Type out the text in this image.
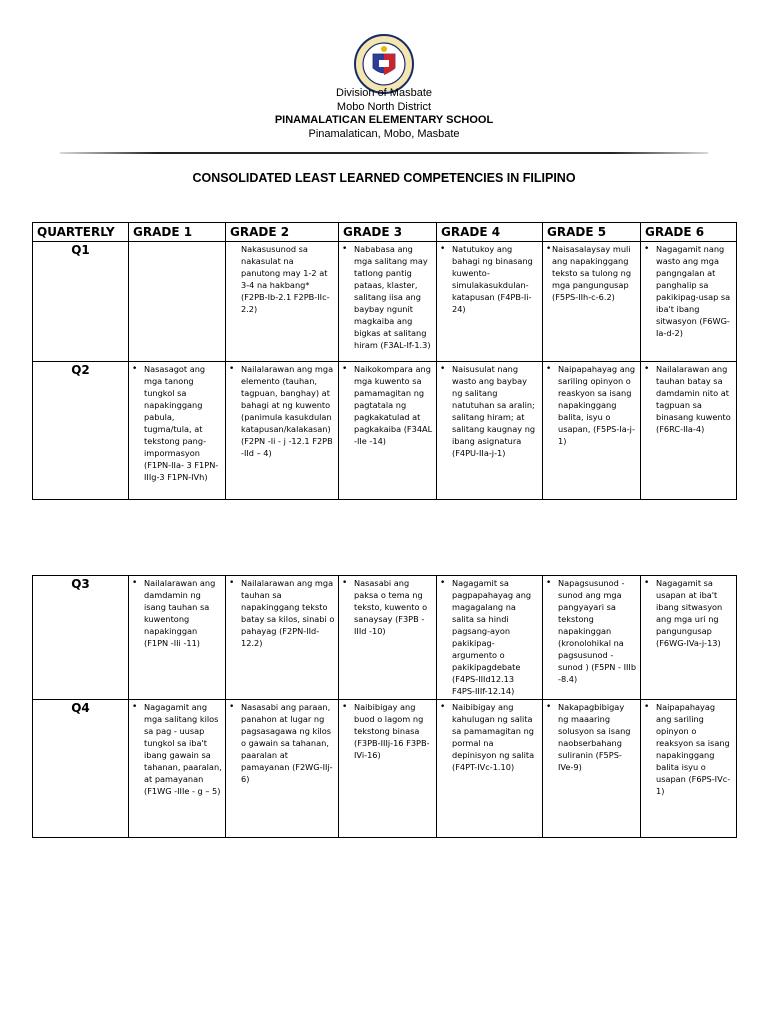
Division of Masbate
Mobo North District
PINAMALATICAN ELEMENTARY SCHOOL
Pinamalatican, Mobo, Masbate
CONSOLIDATED LEAST LEARNED COMPETENCIES IN FILIPINO
QUARTERLY	GRADE 1	GRADE 2	GRADE 3	GRADE 4	GRADE 5	GRADE 6
Q1		Nakasusunod sa nakasulat na panutong may 1-2 at 3-4 na hakbang* (F2PB-Ib-2.1 F2PB-IIc-2.2)	• Nababasa ang mga salitang may tatlong pantig pataas, klaster, salitang iisa ang baybay ngunit magkaiba ang bigkas at salitang hiram (F3AL-If-1.3)	• Natutukoy ang bahagi ng binasang kuwento-simulakasukdulan-katapusan (F4PB-Ii-24)	• Naisasalaysay muli ang napakinggang teksto sa tulong ng mga pangungusap (F5PS-IIh-c-6.2)	• Nagagamit nang wasto ang mga pangngalan at panghalip sa pakikipag-usap sa iba't ibang sitwasyon (F6WG-Ia-d-2)

Q2	• Nasasagot ang mga tanong tungkol sa napakinggang pabula, tugma/tula, at tekstong pang-impormasyon (F1PN-IIa- 3 F1PN-IIIg-3 F1PN-IVh)	• Nailalarawan ang mga elemento (tauhan, tagpuan, banghay) at bahagi at ng kuwento (panimula kasukdulan katapusan/kalakasan) (F2PN -Ii - j -12.1 F2PB -IId – 4)	• Naikokompara ang mga kuwento sa pamamagitan ng pagtatala ng pagkakatulad at pagkakaiba (F34AL -IIe -14)	• Naisusulat nang wasto ang baybay ng salitang natutuhan sa aralin; salitang hiram; at salitang kaugnay ng ibang asignatura (F4PU-IIa-j-1)	• Naipapahayag ang sariling opinyon o reaskyon sa isang napakinggang balita, isyu o usapan, (F5PS-Ia-j-1)	• Nailalarawan ang tauhan batay sa damdamin nito at tagpuan sa binasang kuwento (F6RC-IIa-4)
Q3	• Nailalarawan ang damdamin ng isang tauhan sa kuwentong napakinggan (F1PN -IIi -11)	• Nailalarawan ang mga tauhan sa napakinggang teksto batay sa kilos, sinabi o pahayag (F2PN-IId-12.2)	• Nasasabi ang paksa o tema ng teksto, kuwento o sanaysay (F3PB -IIId -10)	• Nagagamit sa pagpapahayag ang magagalang na salita sa hindi pagsang-ayon pakikipag-argumento o pakikipagdebate (F4PS-IIId12.13 F4PS-IIIf-12.14)	• Napagsusunod - sunod ang mga pangyayari sa tekstong napakinggan (kronolohikal na pagsusunod - sunod ) (F5PN - IIIb -8.4)	• Nagagamit sa usapan at iba't ibang sitwasyon ang mga uri ng pangungusap (F6WG-IVa-j-13)

Q4	• Nagagamit ang mga salitang kilos sa pag - uusap tungkol sa iba't ibang gawain sa tahanan, paaralan, at pamayanan (F1WG -IIIe - g – 5)	• Nasasabi ang paraan, panahon at lugar ng pagsasagawa ng kilos o gawain sa tahanan, paaralan at pamayanan (F2WG-IIj-6)	• Naibibigay ang buod o lagom ng tekstong binasa (F3PB-IIIj-16 F3PB-IVi-16)	• Naibibigay ang kahulugan ng salita sa pamamagitan ng pormal na depinisyon ng salita (F4PT-IVc-1.10)	• Nakapagbibigay ng maaaring solusyon sa isang naobserbahang suliranin (F5PS-IVe-9)	• Naipapahayag ang sariling opinyon o reaksyon sa isang napakinggang balita isyu o usapan (F6PS-IVc-1)
